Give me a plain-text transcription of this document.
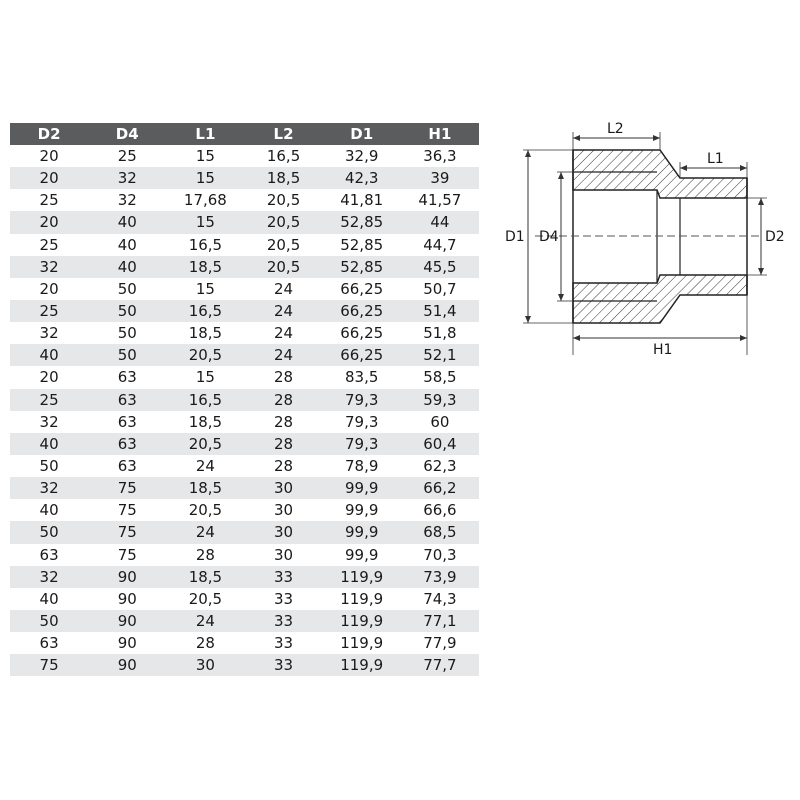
D2	D4	L1	L2	D1	H1
20	25	15	16,5	32,9	36,3
20	32	15	18,5	42,3	39
25	32	17,68	20,5	41,81	41,57
20	40	15	20,5	52,85	44
25	40	16,5	20,5	52,85	44,7
32	40	18,5	20,5	52,85	45,5
20	50	15	24	66,25	50,7
25	50	16,5	24	66,25	51,4
32	50	18,5	24	66,25	51,8
40	50	20,5	24	66,25	52,1
20	63	15	28	83,5	58,5
25	63	16,5	28	79,3	59,3
32	63	18,5	28	79,3	60
40	63	20,5	28	79,3	60,4
50	63	24	28	78,9	62,3
32	75	18,5	30	99,9	66,2
40	75	20,5	30	99,9	66,6
50	75	24	30	99,9	68,5
63	75	28	30	99,9	70,3
32	90	18,5	33	119,9	73,9
40	90	20,5	33	119,9	74,3
50	90	24	33	119,9	77,1
63	90	28	33	119,9	77,9
75	90	30	33	119,9	77,7
L2
L1
D1 D4	D2
H1
